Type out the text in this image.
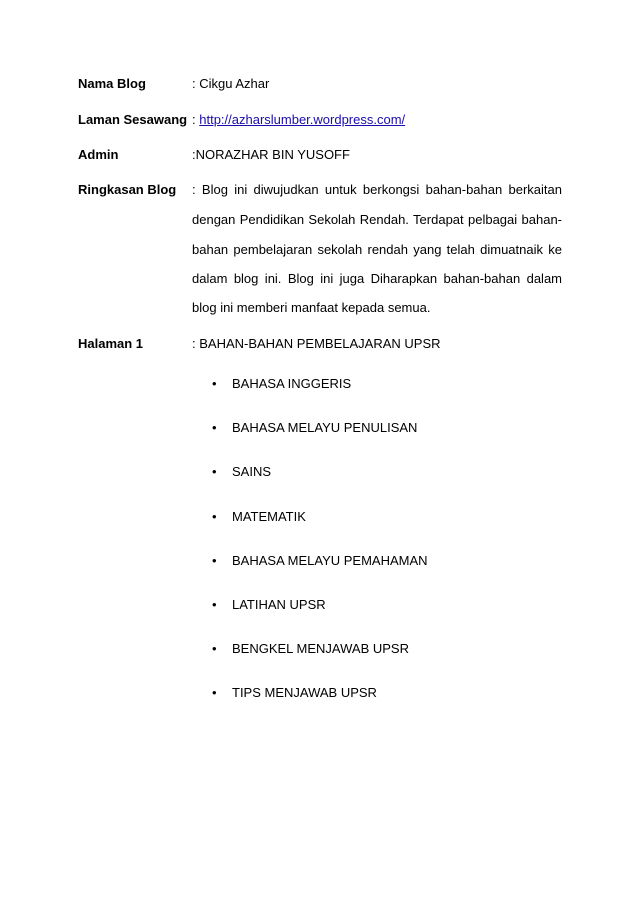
Nama Blog	: Cikgu Azhar
Laman Sesawang : http://azharslumber.wordpress.com/
Admin	:NORAZHAR BIN YUSOFF
Ringkasan Blog : Blog ini diwujudkan untuk berkongsi bahan-bahan berkaitan
dengan Pendidikan Sekolah Rendah. Terdapat pelbagai bahan-
bahan pembelajaran sekolah rendah yang telah dimuatnaik ke
dalam blog ini. Blog ini juga Diharapkan bahan-bahan dalam
blog ini memberi manfaat kepada semua.
Halaman 1	: BAHAN-BAHAN PEMBELAJARAN UPSR
• BAHASA INGGERIS
• BAHASA MELAYU PENULISAN
• SAINS
• MATEMATIK
• BAHASA MELAYU PEMAHAMAN
• LATIHAN UPSR
• BENGKEL MENJAWAB UPSR
• TIPS MENJAWAB UPSR
